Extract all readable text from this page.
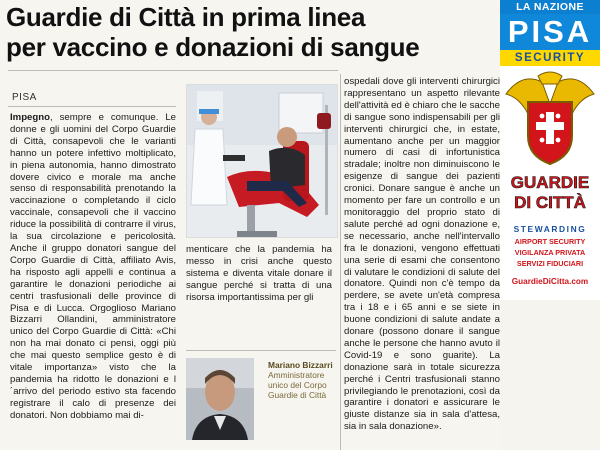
Guardie di Città in prima linea
per vaccino e donazioni di sangue
PISA

Impegno, sempre e comunque. Le donne e gli uomini del Corpo Guardie di Città, consapevoli che le varianti hanno un potere infettivo moltiplicato, in piena autonomia, hanno dimostrato dovere civico e morale ma anche senso di responsabilità prenotando la vaccinazione o completando il ciclo vaccinale, consapevoli che il vaccino riduce la possibilità di contrarre il virus, la sua circolazione e pericolosità. Anche il gruppo donatori sangue del Corpo Guardie di Città, affiliato Avis, ha risposto agli appelli e continua a garantire le donazioni periodiche ai centri trasfusionali delle province di Pisa e di Lucca. Orgoglioso Mariano Bizzarri Ollandini, amministratore unico del Corpo Guardie di Città: «Chi non ha mai donato ci pensi, oggi più che mai questo semplice gesto è di vitale importanza» visto che la pandemia ha ridotto le donazioni e l´arrivo del periodo estivo sta facendo registrare il calo di presenze dei donatori. Non dobbiamo mai di-

menticare che la pandemia ha messo in crisi anche questo sistema e diventa vitale donare il sangue perché si tratta di una risorsa importantissima per gli

Mariano Bizzarri
Amministratore unico del Corpo Guardie di Città

ospedali dove gli interventi chirurgici rappresentano un aspetto rilevante dell'attività ed è chiaro che le sacche di sangue sono indispensabili per gli interventi chirurgici che, in estate, aumentano anche per un maggior numero di casi di infortunistica stradale; inoltre non diminuiscono le esigenze di sangue dei pazienti cronici. Donare sangue è anche un momento per fare un controllo e un monitoraggio del proprio stato di salute perché ad ogni donazione e, se necessario, anche nell'intervallo fra le donazioni, vengono effettuati una serie di esami che consentono di valutare le condizioni di salute del donatore. Quindi non c'è tempo da perdere, se avete un'età compresa tra i 18 e i 65 anni e se siete in buone condizioni di salute andate a donare (possono donare il sangue anche le persone che hanno avuto il Covid-19 e sono guarite). La donazione sarà in totale sicurezza perché i Centri trasfusionali stanno privilegiando le prenotazioni, così da garantire i donatori e assicurare le giuste distanze sia in sala d'attesa, sia in sala donazione».

LA NAZIONE
PISA
SECURITY
GUARDIE
DI CITTÀ
STEWARDING
AIRPORT SECURITY
VIGILANZA PRIVATA
SERVIZI FIDUCIARI
GuardieDiCitta.com
